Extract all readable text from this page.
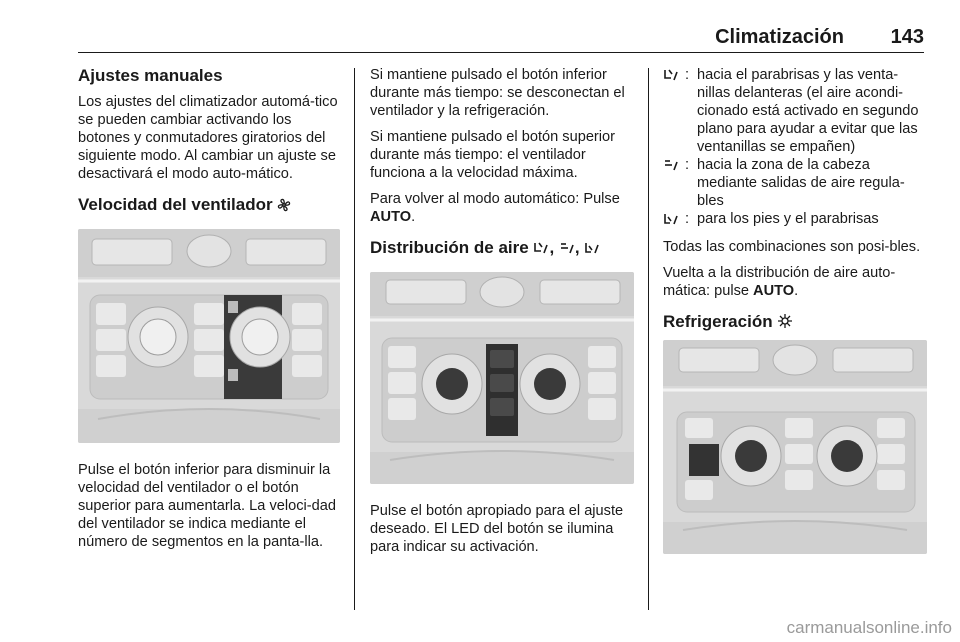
Climatización 143
Ajustes manuales

Los ajustes del climatizador automá-tico se pueden cambiar activando los botones y conmutadores giratorios del siguiente modo. Al cambiar un ajuste se desactivará el modo auto-mático.

Velocidad del ventilador

Pulse el botón inferior para disminuir la velocidad del ventilador o el botón superior para aumentarla. La veloci-dad del ventilador se indica mediante el número de segmentos en la panta-lla.

Si mantiene pulsado el botón inferior durante más tiempo: se desconectan el ventilador y la refrigeración.

Si mantiene pulsado el botón superior durante más tiempo: el ventilador funciona a la velocidad máxima.

Para volver al modo automático: Pulse AUTO.

Distribución de aire , ,

Pulse el botón apropiado para el ajuste deseado. El LED del botón se ilumina para indicar su activación.

: hacia el parabrisas y las venta-nillas delanteras (el aire acondi-cionado está activado en segundo plano para ayudar a evitar que las ventanillas se empañen)
: hacia la zona de la cabeza mediante salidas de aire regula-bles
: para los pies y el parabrisas

Todas las combinaciones son posi-bles.

Vuelta a la distribución de aire auto-mática: pulse AUTO.

Refrigeración
carmanualsonline.info
